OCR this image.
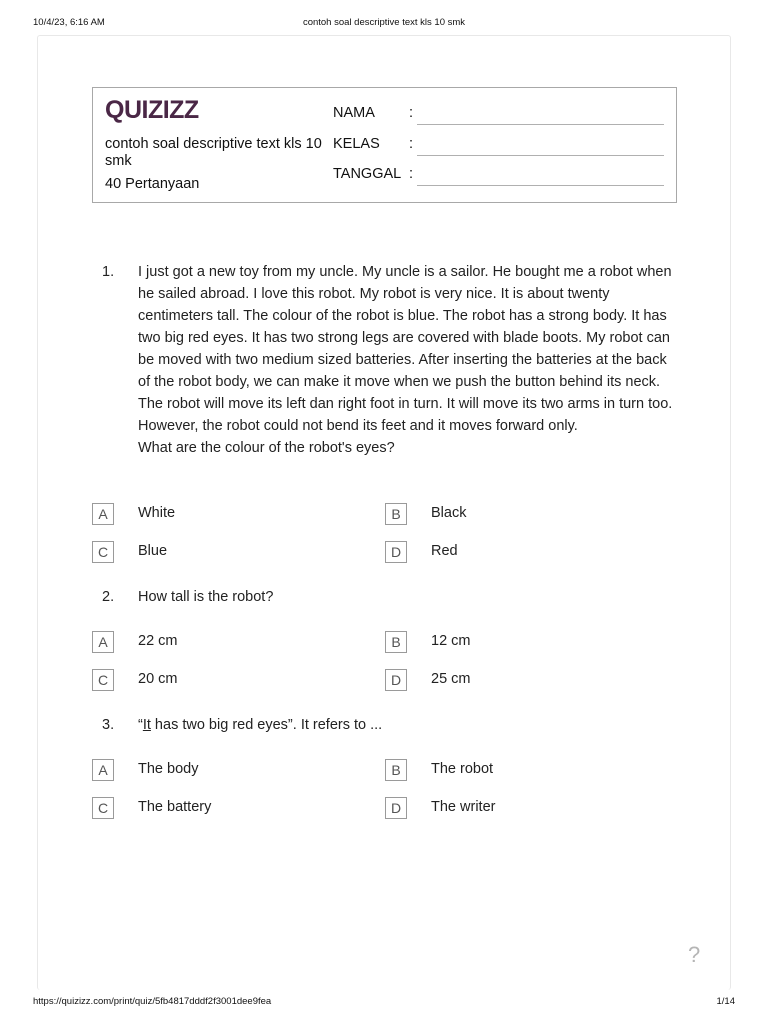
10/4/23, 6:16 AM	contoh soal descriptive text kls 10 smk
https://quizizz.com/print/quiz/5fb4817dddf2f3001dee9fea	1/14
QUIZIZZ
contoh soal descriptive text kls 10 smk
40 Pertanyaan
NAMA :
KELAS :
TANGGAL :
1. I just got a new toy from my uncle. My uncle is a sailor. He bought me a robot when he sailed abroad. I love this robot. My robot is very nice. It is about twenty centimeters tall. The colour of the robot is blue. The robot has a strong body. It has two big red eyes. It has two strong legs are covered with blade boots. My robot can be moved with two medium sized batteries. After inserting the batteries at the back of the robot body, we can make it move when we push the button behind its neck. The robot will move its left dan right foot in turn. It will move its two arms in turn too. However, the robot could not bend its feet and it moves forward only.

What are the colour of the robot's eyes?

A	White	B	Black
C	Blue	D	Red
2. How tall is the robot?
A	22 cm	B	12 cm
C	20 cm	D	25 cm
3. “It has two big red eyes”. It refers to ...
A	The body	B	The robot
C	The battery	D	The writer
?
